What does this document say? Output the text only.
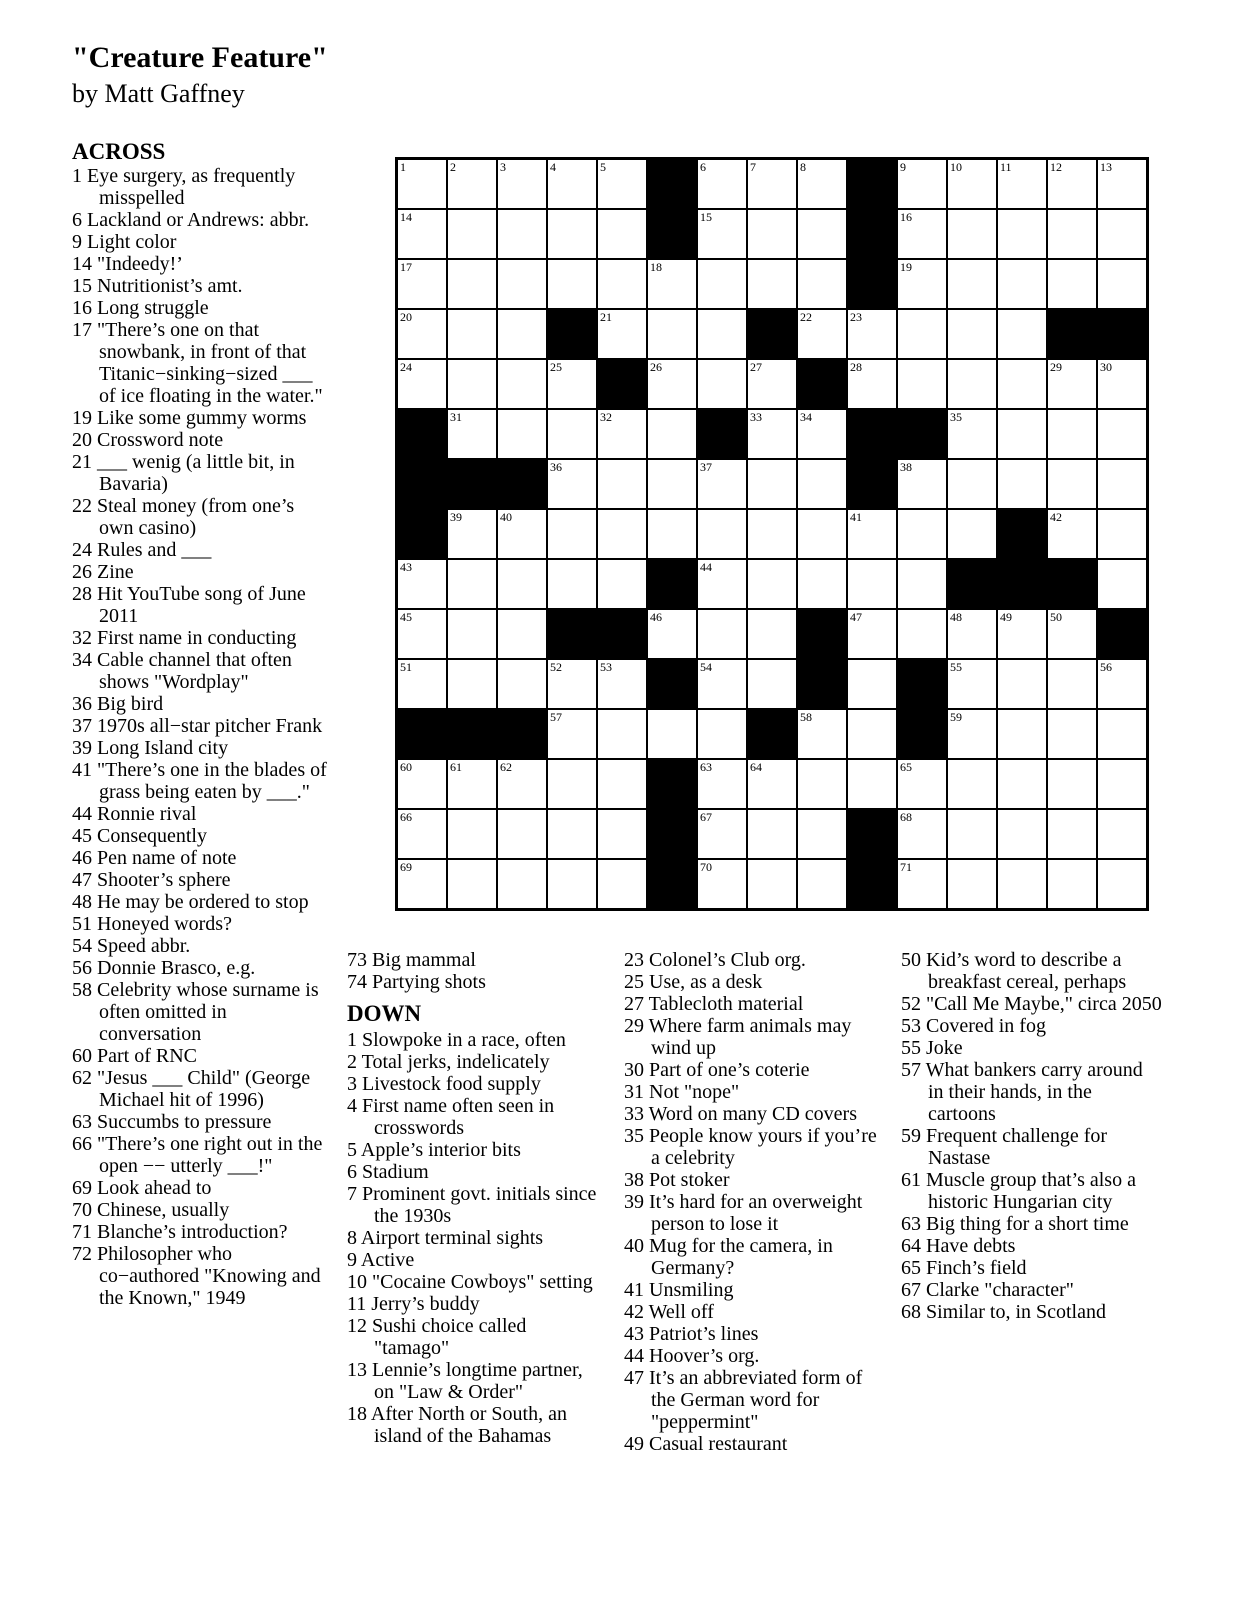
"Creature Feature"
by Matt Gaffney
1	2	3	4	5	6	7	8	9	10	11	12	13
14	15	16
17	18	19
20	21	22	23
24	25	26	27	28	29	30
31	32	33	34	35
36	37	38
39	40	41	42
43	44
45	46	47	48	49	50
51	52	53	54	55	56
57	58	59
60	61	62	63	64	65
66	67	68
69	70	71
ACROSS
1 Eye surgery, as frequently misspelled
6 Lackland or Andrews: abbr.
9 Light color
14 "Indeedy!’
15 Nutritionist’s amt.
16 Long struggle
17 "There’s one on that snowbank, in front of that Titanic−sinking−sized ___ of ice floating in the water."
19 Like some gummy worms
20 Crossword note
21 ___ wenig (a little bit, in Bavaria)
22 Steal money (from one’s own casino)
24 Rules and ___
26 Zine
28 Hit YouTube song of June 2011
32 First name in conducting
34 Cable channel that often shows "Wordplay"
36 Big bird
37 1970s all−star pitcher Frank
39 Long Island city
41 "There’s one in the blades of grass being eaten by ___."
44 Ronnie rival
45 Consequently
46 Pen name of note
47 Shooter’s sphere
48 He may be ordered to stop
51 Honeyed words?
54 Speed abbr.
56 Donnie Brasco, e.g.
58 Celebrity whose surname is often omitted in conversation
60 Part of RNC
62 "Jesus ___ Child" (George Michael hit of 1996)
63 Succumbs to pressure
66 "There’s one right out in the open −− utterly ___!"
69 Look ahead to
70 Chinese, usually
71 Blanche’s introduction?
72 Philosopher who co−authored "Knowing and the Known," 1949
73 Big mammal
74 Partying shots
DOWN
1 Slowpoke in a race, often
2 Total jerks, indelicately
3 Livestock food supply
4 First name often seen in crosswords
5 Apple’s interior bits
6 Stadium
7 Prominent govt. initials since the 1930s
8 Airport terminal sights
9 Active
10 "Cocaine Cowboys" setting
11 Jerry’s buddy
12 Sushi choice called "tamago"
13 Lennie’s longtime partner, on "Law & Order"
18 After North or South, an island of the Bahamas
23 Colonel’s Club org.
25 Use, as a desk
27 Tablecloth material
29 Where farm animals may wind up
30 Part of one’s coterie
31 Not "nope"
33 Word on many CD covers
35 People know yours if you’re a celebrity
38 Pot stoker
39 It’s hard for an overweight person to lose it
40 Mug for the camera, in Germany?
41 Unsmiling
42 Well off
43 Patriot’s lines
44 Hoover’s org.
47 It’s an abbreviated form of the German word for "peppermint"
49 Casual restaurant
50 Kid’s word to describe a breakfast cereal, perhaps
52 "Call Me Maybe," circa 2050
53 Covered in fog
55 Joke
57 What bankers carry around in their hands, in the cartoons
59 Frequent challenge for Nastase
61 Muscle group that’s also a historic Hungarian city
63 Big thing for a short time
64 Have debts
65 Finch’s field
67 Clarke "character"
68 Similar to, in Scotland
